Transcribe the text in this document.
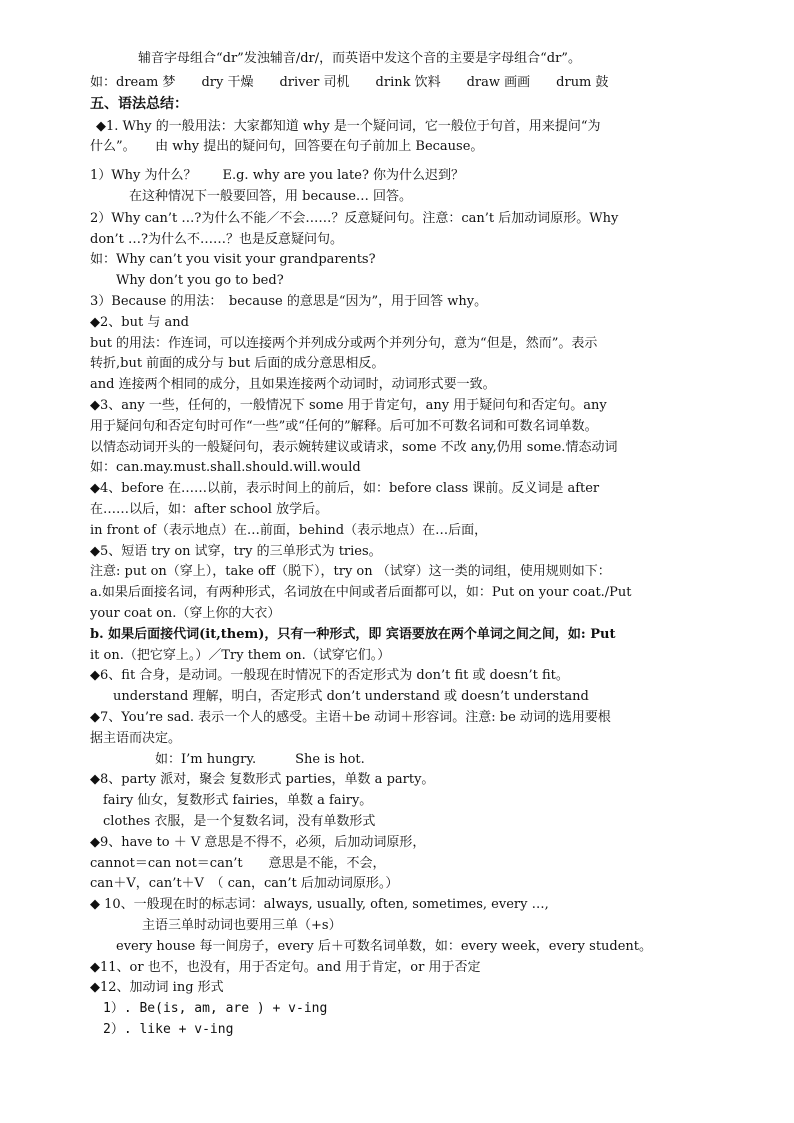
　　辅音字母组合“dr”发浊辅音/dr/，而英语中发这个音的主要是字母组合“dr”。
如：dream 梦　　dry 干燥　　driver 司机　　drink 饮料　　draw 画画　　drum 鼓
五、语法总结：
◆1. Why 的一般用法：大家都知道 why 是一个疑问词，它一般位于句首，用来提问“为
什么”。　　由 why 提出的疑问句，回答要在句子前加上 Because。
1）Why 为什么？　　E.g. why are you late? 你为什么迟到？
　　　在这种情况下一般要回答，用 because… 回答。
2）Why can’t …?为什么不能／不会……？反意疑问句。注意：can’t 后加动词原形。Why
don’t …?为什么不……？也是反意疑问句。
如：Why can’t you visit your grandparents?
　　Why don’t you go to bed?
3）Because 的用法：　because 的意思是“因为”，用于回答 why。
◆2、but 与 and
but 的用法：作连词，可以连接两个并列成分或两个并列分句，意为“但是，然而”。表示
转折,but 前面的成分与 but 后面的成分意思相反。
and 连接两个相同的成分，且如果连接两个动词时，动词形式要一致。
◆3、any 一些，任何的，一般情况下 some 用于肯定句，any 用于疑问句和否定句。any
用于疑问句和否定句时可作“一些”或“任何的”解释。后可加不可数名词和可数名词单数。
以情态动词开头的一般疑问句，表示婉转建议或请求，some 不改 any,仍用 some.情态动词
如：can.may.must.shall.should.will.would
◆4、before 在……以前，表示时间上的前后，如：before class 课前。反义词是 after
在……以后，如：after school 放学后。
in front of（表示地点）在…前面，behind（表示地点）在…后面，
◆5、短语 try on 试穿，try 的三单形式为 tries。
注意: put on（穿上），take off（脱下），try on （试穿）这一类的词组，使用规则如下：
a.如果后面接名词，有两种形式，名词放在中间或者后面都可以，如：Put on your coat./Put
your coat on.（穿上你的大衣）
b. 如果后面接代词(it,them)，只有一种形式，即 宾语要放在两个单词之间之间，如: Put
it on.（把它穿上。）／Try them on.（试穿它们。）
◆6、fit 合身，是动词。一般现在时情况下的否定形式为 don’t fit 或 doesn’t fit。
　understand 理解，明白，否定形式 don’t understand 或 doesn’t understand
◆7、You’re sad. 表示一个人的感受。主语＋be 动词＋形容词。注意: be 动词的选用要根
据主语而决定。
　　　　　如：I’m hungry.　　　She is hot.
◆8、party 派对，聚会 复数形式 parties，单数 a party。
　fairy 仙女，复数形式 fairies，单数 a fairy。
　clothes 衣服，是一个复数名词，没有单数形式
◆9、have to ＋ V 意思是不得不，必须，后加动词原形，
cannot＝can not＝can’t　　意思是不能，不会，
can＋V，can’t＋V　（ can，can’t 后加动词原形。）
◆ 10、一般现在时的标志词：always, usually, often, sometimes, every …,
　　　　主语三单时动词也要用三单（+s）
　　every house 每一间房子，every 后＋可数名词单数，如：every week，every student。
◆11、or 也不，也没有，用于否定句。and 用于肯定，or 用于否定
◆12、加动词 ing 形式
　1）. Be(is, am, are ) + v-ing
　2）. like + v-ing
